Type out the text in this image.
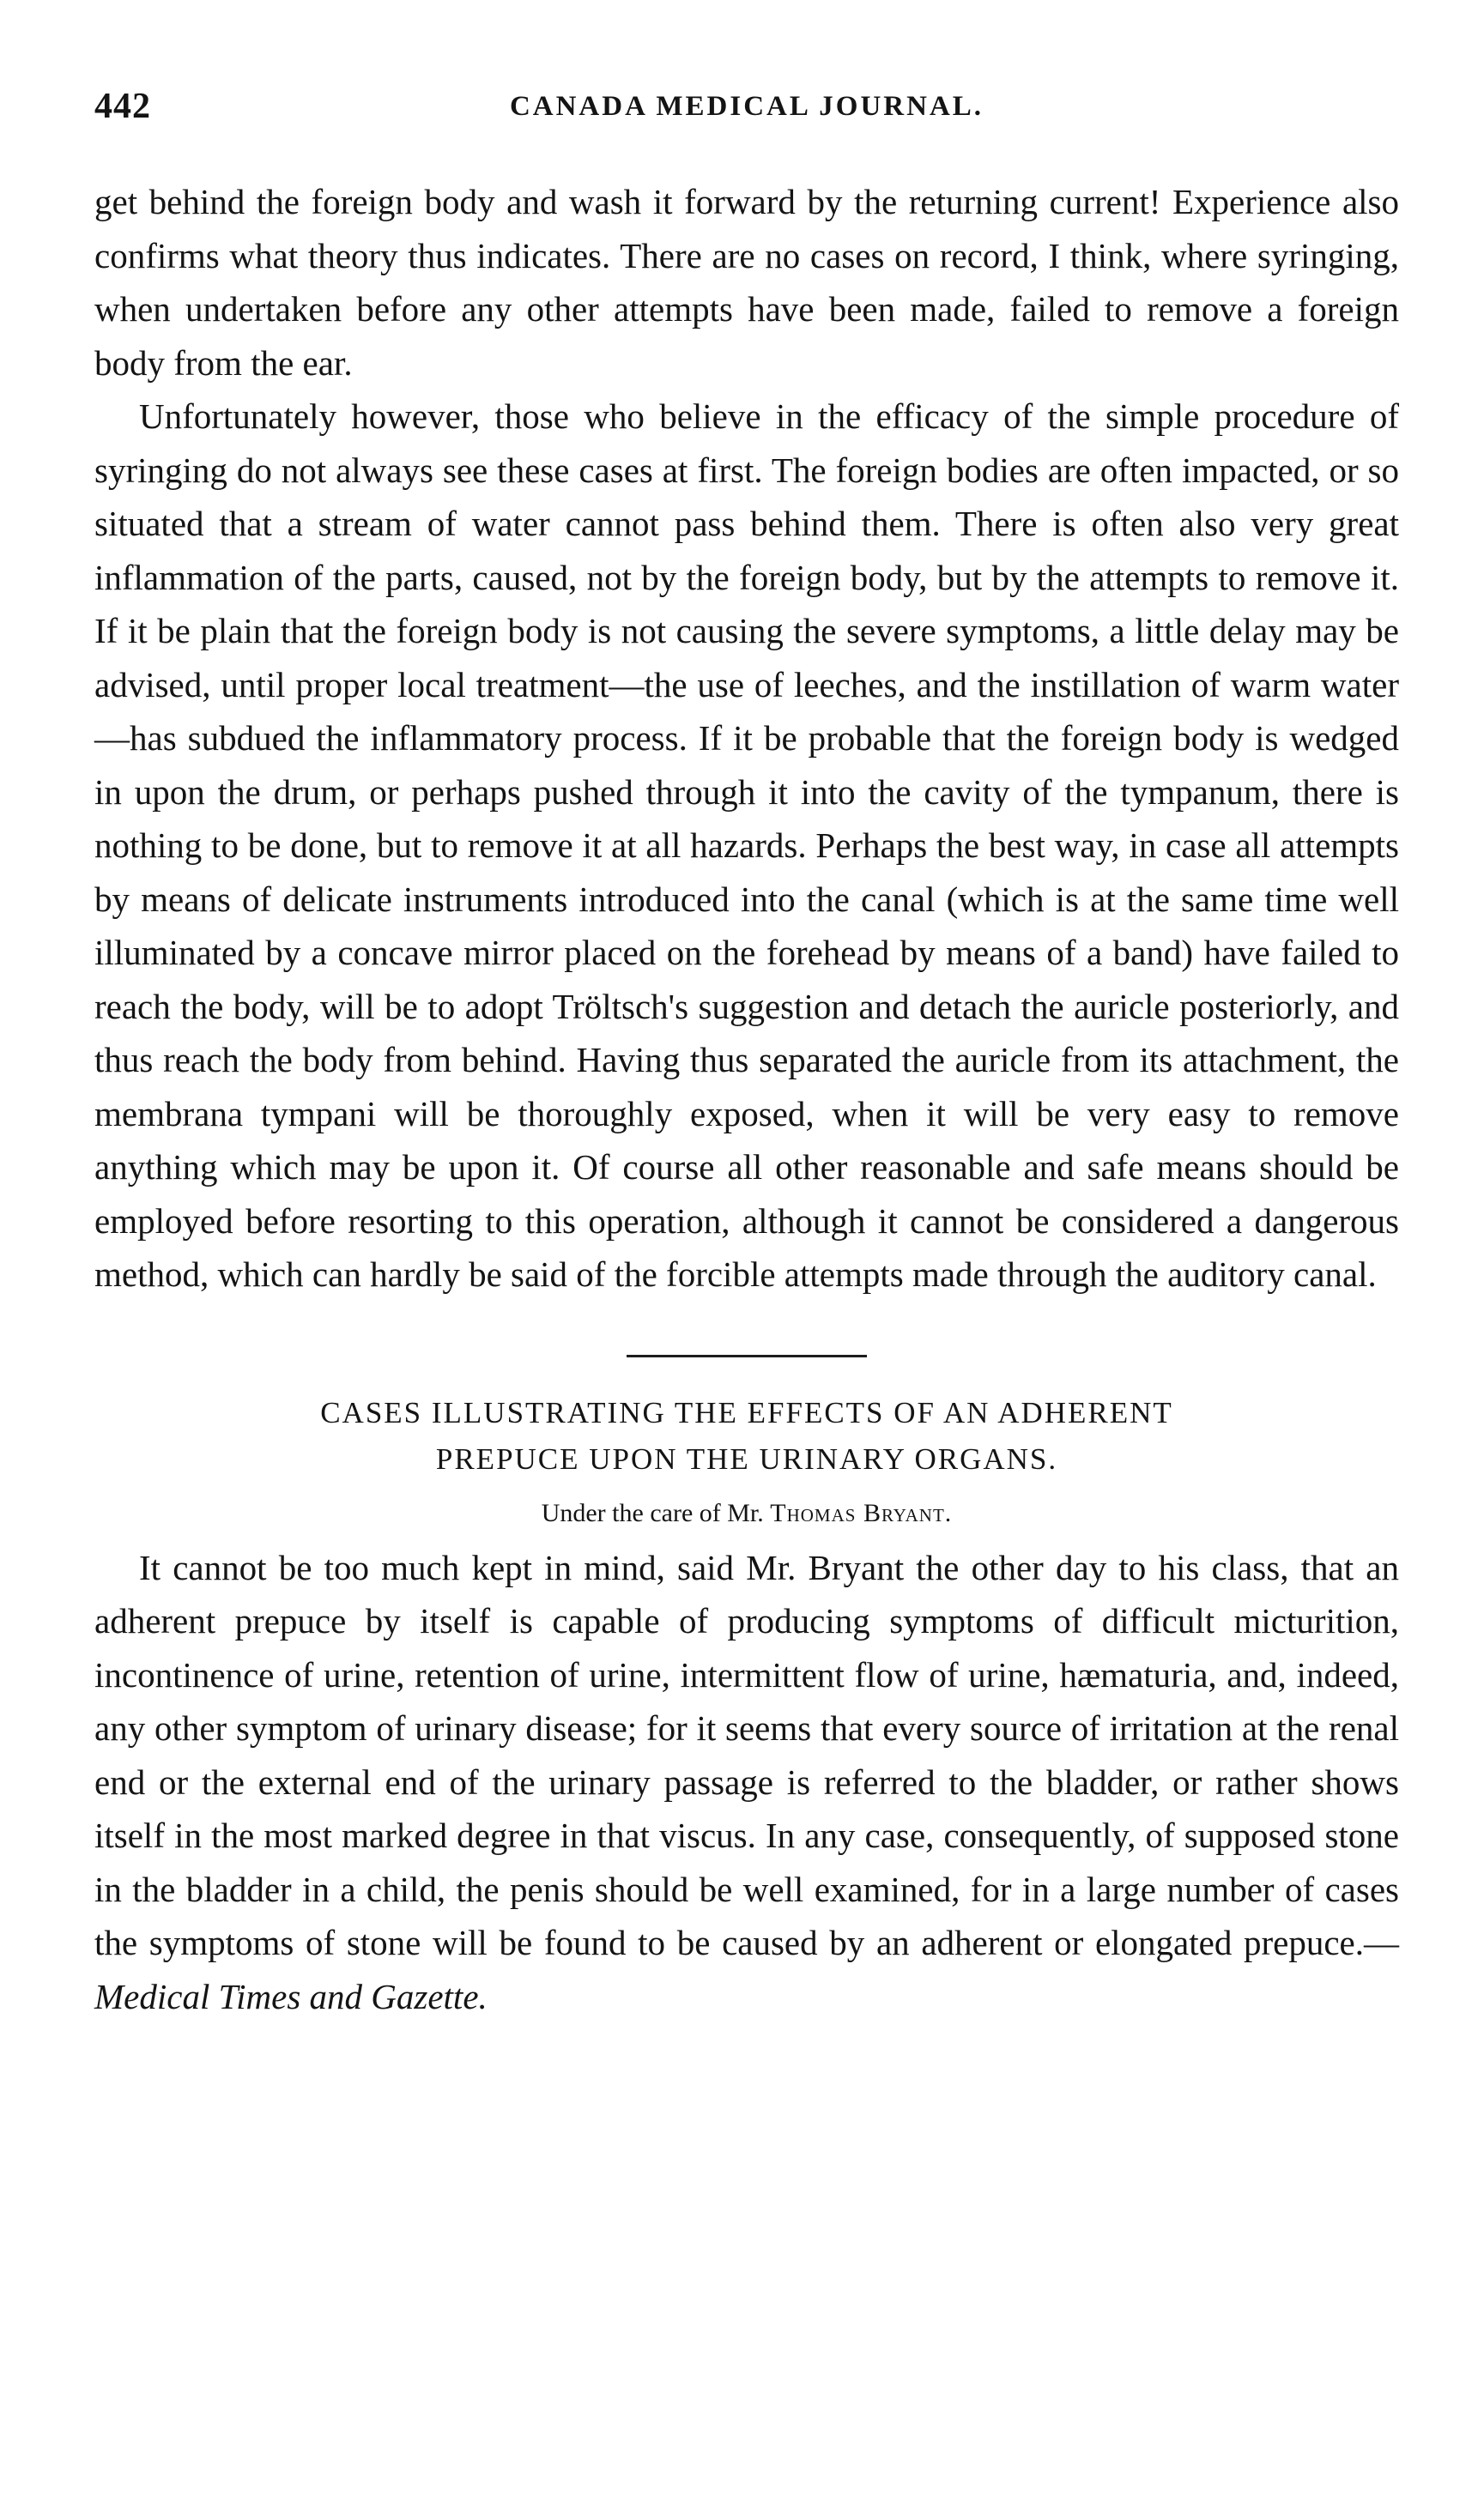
442	CANADA MEDICAL JOURNAL.

get behind the foreign body and wash it forward by the returning current! Experience also confirms what theory thus indicates. There are no cases on record, I think, where syringing, when undertaken before any other attempts have been made, failed to remove a foreign body from the ear.

Unfortunately however, those who believe in the efficacy of the simple procedure of syringing do not always see these cases at first. The foreign bodies are often impacted, or so situated that a stream of water cannot pass behind them. There is often also very great inflammation of the parts, caused, not by the foreign body, but by the attempts to remove it. If it be plain that the foreign body is not causing the severe symptoms, a little delay may be advised, until proper local treatment—the use of leeches, and the instillation of warm water—has subdued the inflammatory process. If it be probable that the foreign body is wedged in upon the drum, or perhaps pushed through it into the cavity of the tympanum, there is nothing to be done, but to remove it at all hazards. Perhaps the best way, in case all attempts by means of delicate instruments introduced into the canal (which is at the same time well illuminated by a concave mirror placed on the forehead by means of a band) have failed to reach the body, will be to adopt Tröltsch's suggestion and detach the auricle posteriorly, and thus reach the body from behind. Having thus separated the auricle from its attachment, the membrana tympani will be thoroughly exposed, when it will be very easy to remove anything which may be upon it. Of course all other reasonable and safe means should be employed before resorting to this operation, although it cannot be considered a dangerous method, which can hardly be said of the forcible attempts made through the auditory canal.

CASES ILLUSTRATING THE EFFECTS OF AN ADHERENT
PREPUCE UPON THE URINARY ORGANS.
Under the care of Mr. Thomas Bryant.

It cannot be too much kept in mind, said Mr. Bryant the other day to his class, that an adherent prepuce by itself is capable of producing symptoms of difficult micturition, incontinence of urine, retention of urine, intermittent flow of urine, hæmaturia, and, indeed, any other symptom of urinary disease; for it seems that every source of irritation at the renal end or the external end of the urinary passage is referred to the bladder, or rather shows itself in the most marked degree in that viscus. In any case, consequently, of supposed stone in the bladder in a child, the penis should be well examined, for in a large number of cases the symptoms of stone will be found to be caused by an adherent or elongated prepuce.—Medical Times and Gazette.
